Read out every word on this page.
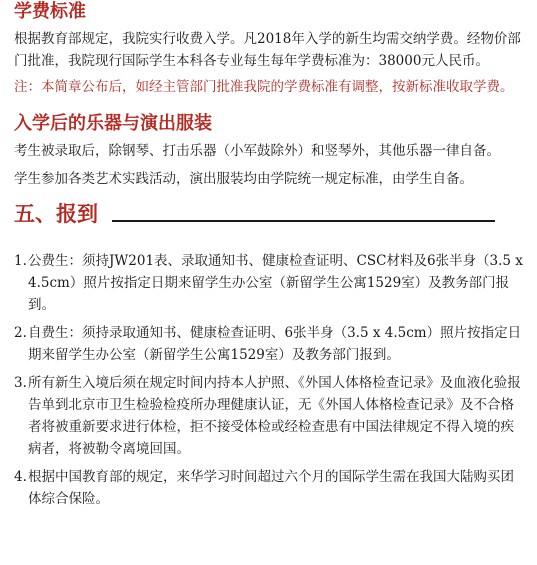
学费标准

根据教育部规定，我院实行收费入学。凡2018年入学的新生均需交纳学费。经物价部门批准，我院现行国际学生本科各专业每生每年学费标准为：38000元人民币。

注：本简章公布后，如经主管部门批准我院的学费标准有调整，按新标准收取学费。

入学后的乐器与演出服装

考生被录取后，除钢琴、打击乐器（小军鼓除外）和竖琴外，其他乐器一律自备。

学生参加各类艺术实践活动，演出服装均由学院统一规定标准，由学生自备。

五、报到
1. 公费生：须持JW201表、录取通知书、健康检查证明、CSC材料及6张半身（3.5 x 4.5cm）照片按指定日期来留学生办公室（新留学生公寓1529室）及教务部门报到。
2. 自费生：须持录取通知书、健康检查证明、6张半身（3.5 x 4.5cm）照片按指定日期来留学生办公室（新留学生公寓1529室）及教务部门报到。
3. 所有新生入境后须在规定时间内持本人护照、《外国人体格检查记录》及血液化验报告单到北京市卫生检验检疫所办理健康认证，无《外国人体格检查记录》及不合格者将被重新要求进行体检，拒不接受体检或经检查患有中国法律规定不得入境的疾病者，将被勒令离境回国。
4. 根据中国教育部的规定，来华学习时间超过六个月的国际学生需在我国大陆购买团体综合保险。
